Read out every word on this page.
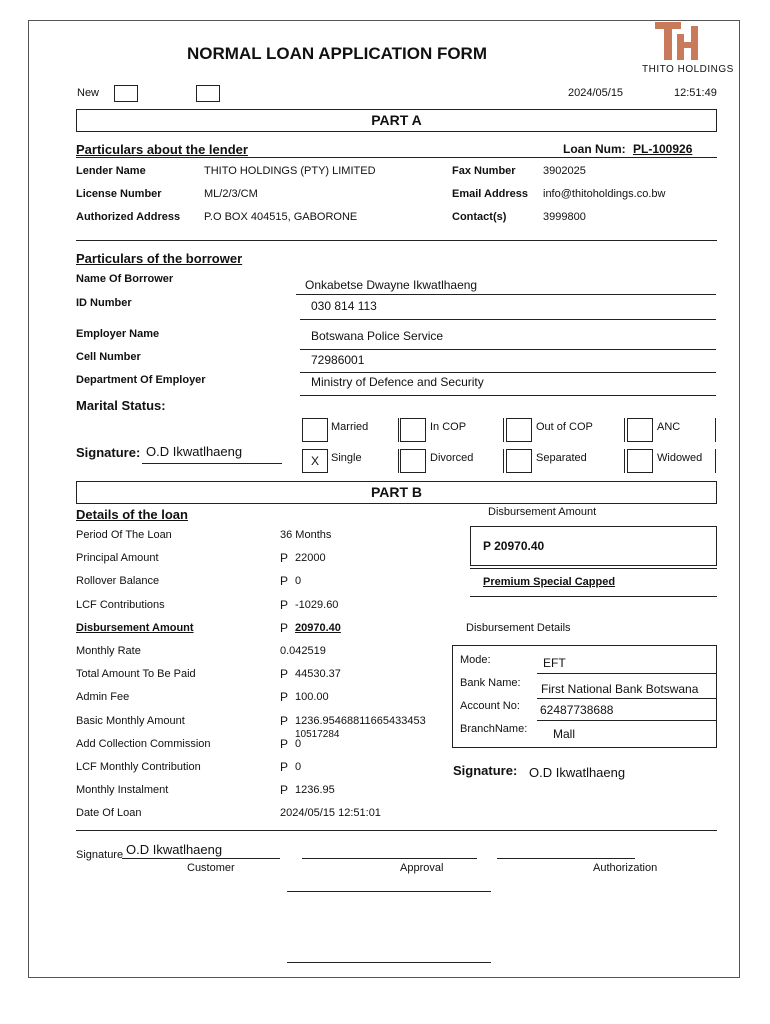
THITO HOLDINGS
NORMAL LOAN APPLICATION FORM
New	2024/05/15	12:51:49
PART A
Particulars about the lender	Loan Num: PL-100926
Lender Name	THITO HOLDINGS (PTY) LIMITED	Fax Number 3902025
License Number	ML/2/3/CM	Email Address info@thitoholdings.co.bw
Authorized Address P.O BOX 404515, GABORONE	Contact(s)	3999800
Particulars of the borrower
Name Of Borrower	Onkabetse Dwayne Ikwatlhaeng
ID Number	030 814 113
Employer Name	Botswana Police Service
Cell Number	72986001
Department Of Employer	Ministry of Defence and Security
Marital Status:
Married	In COP	Out of COP	ANC
X	Single	Divorced	Separated	Widowed
Signature: O.D Ikwatlhaeng
PART B
Details of the loan	Disbursement Amount
Period Of The Loan	36 Months
Principal Amount	P 22000
Rollover Balance	P 0
LCF Contributions	P -1029.60
Disbursement Amount	P 20970.40
Monthly Rate	0.042519
Total Amount To Be Paid	P 44530.37
Admin Fee	P 100.00
Basic Monthly Amount	P 1236.95468811665433453
Add Collection Commission	P 0
LCF Monthly Contribution	P 0
Monthly Instalment	P 1236.95
Date Of Loan	2024/05/15 12:51:01
10517284
P 20970.40
Premium Special Capped
Disbursement Details
Mode:	EFT
Bank Name: First National Bank Botswana
Account No: 62487738688
BranchName: Mall
Signature: O.D Ikwatlhaeng
Signature O.D Ikwatlhaeng
Customer	Approval	Authorization
